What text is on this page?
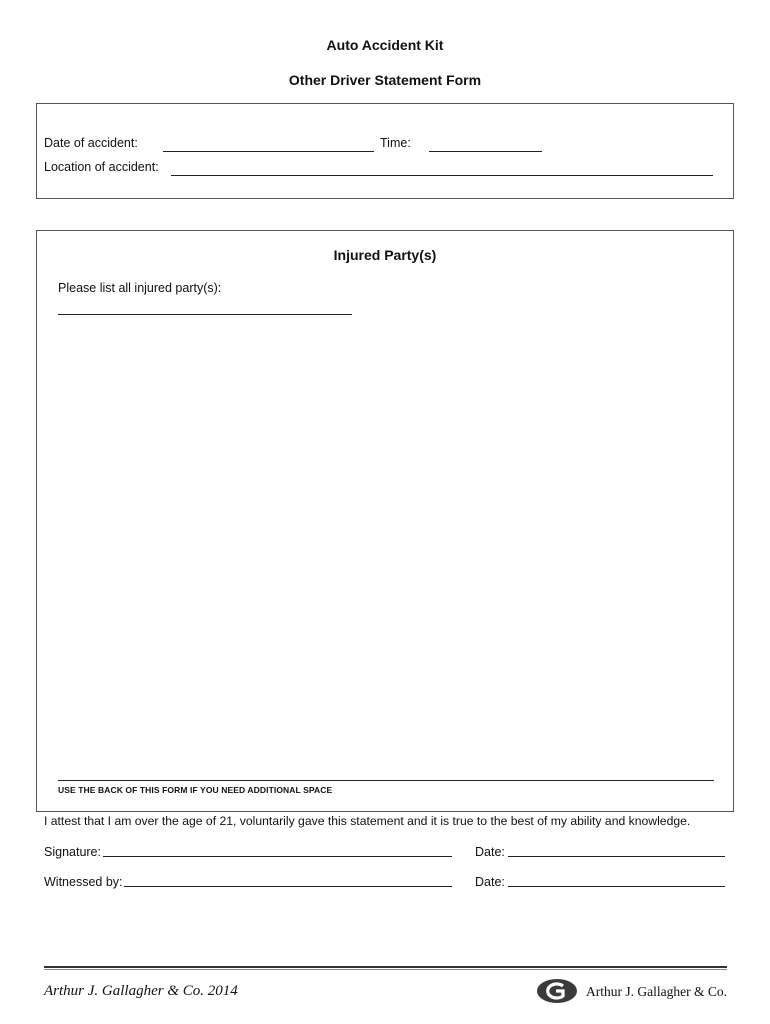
Auto Accident Kit
Other Driver Statement Form
Date of accident:	Time:
Location of accident:
Injured Party(s)
Please list all injured party(s):
USE THE BACK OF THIS FORM IF YOU NEED ADDITIONAL SPACE
I attest that I am over the age of 21, voluntarily gave this statement and it is true to the best of my ability and knowledge.
Signature:	Date:
Witnessed by:	Date:
Arthur J. Gallagher & Co. 2014	Arthur J. Gallagher & Co.
